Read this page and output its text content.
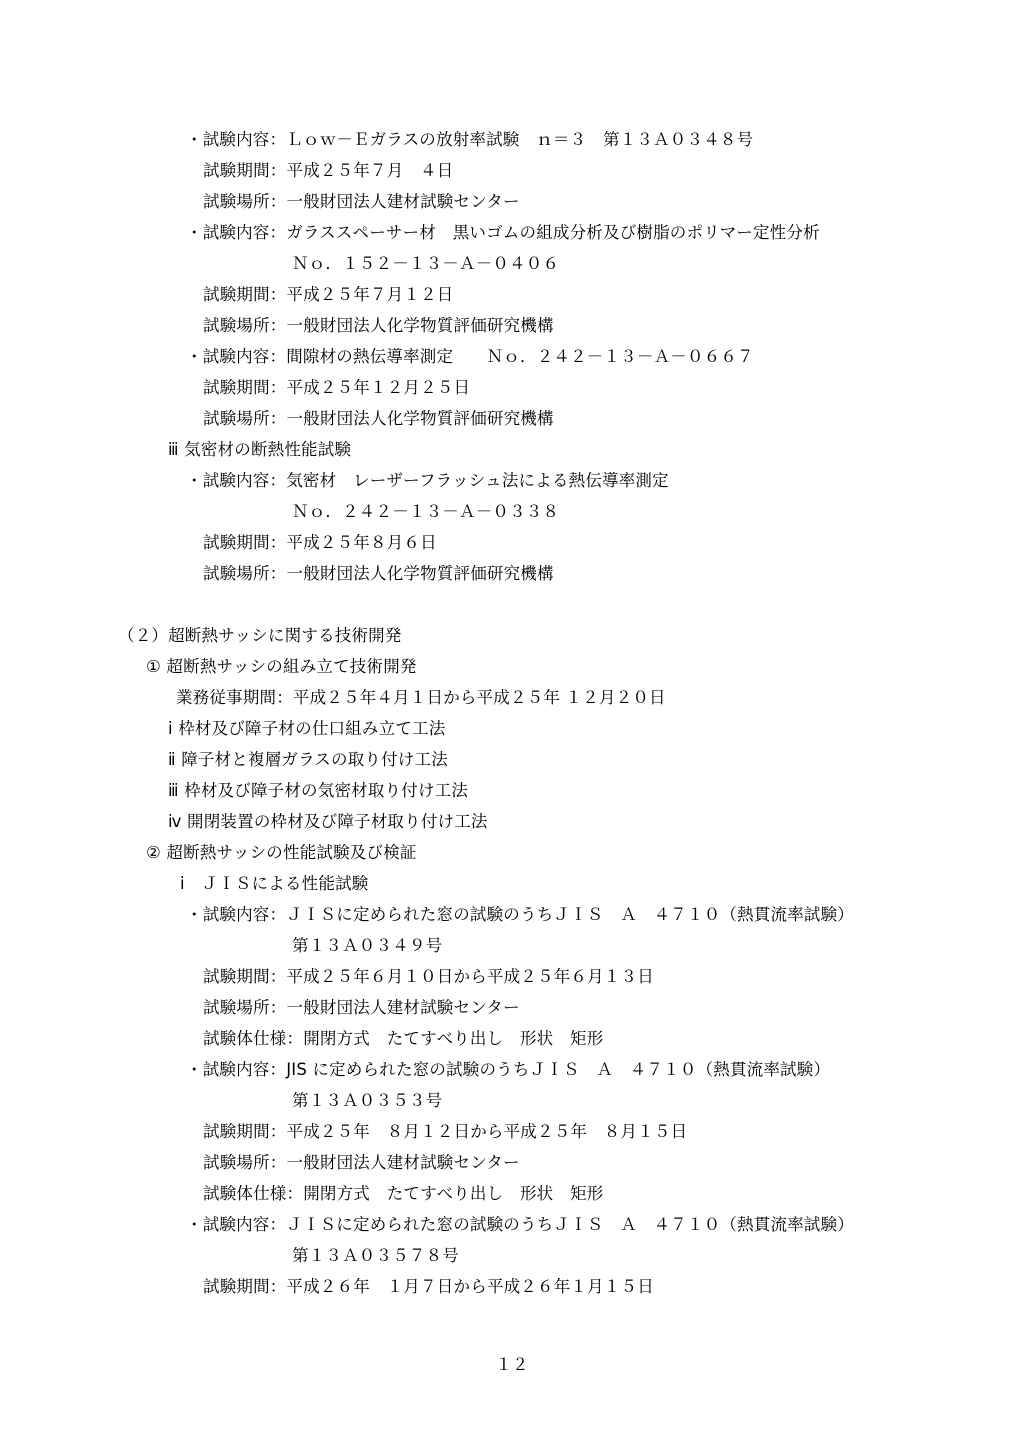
・試験内容：Ｌｏｗ－Ｅガラスの放射率試験　ｎ＝３　第１３Ａ０３４８号
試験期間：平成２５年７月　４日
試験場所：一般財団法人建材試験センター
・試験内容：ガラススペーサー材　黒いゴムの組成分析及び樹脂のポリマー定性分析
Ｎｏ．１５２－１３－Ａ－０４０６
試験期間：平成２５年７月１２日
試験場所：一般財団法人化学物質評価研究機構
・試験内容：間隙材の熱伝導率測定　　Ｎｏ．２４２－１３－Ａ－０６６７
試験期間：平成２５年１２月２５日
試験場所：一般財団法人化学物質評価研究機構
ⅲ 気密材の断熱性能試験
・試験内容：気密材　レーザーフラッシュ法による熱伝導率測定
Ｎｏ．２４２－１３－Ａ－０３３８
試験期間：平成２５年８月６日
試験場所：一般財団法人化学物質評価研究機構
（２）超断熱サッシに関する技術開発
① 超断熱サッシの組み立て技術開発
業務従事期間：平成２５年４月１日から平成２５年 １２月２０日
ⅰ 枠材及び障子材の仕口組み立て工法
ⅱ 障子材と複層ガラスの取り付け工法
ⅲ 枠材及び障子材の気密材取り付け工法
ⅳ 開閉装置の枠材及び障子材取り付け工法
② 超断熱サッシの性能試験及び検証
ⅰ　ＪＩＳによる性能試験
・試験内容：ＪＩＳに定められた窓の試験のうちＪＩＳ　Ａ　４７１０（熱貫流率試験）
第１３Ａ０３４９号
試験期間：平成２５年６月１０日から平成２５年６月１３日
試験場所：一般財団法人建材試験センター
試験体仕様：開閉方式　たてすべり出し　形状　矩形
・試験内容：JIS に定められた窓の試験のうちＪＩＳ　Ａ　４７１０（熱貫流率試験）
第１３Ａ０３５３号
試験期間：平成２５年　８月１２日から平成２５年　８月１５日
試験場所：一般財団法人建材試験センター
試験体仕様：開閉方式　たてすべり出し　形状　矩形
・試験内容：ＪＩＳに定められた窓の試験のうちＪＩＳ　Ａ　４７１０（熱貫流率試験）
第１３Ａ０３５７８号
試験期間：平成２６年　１月７日から平成２６年１月１５日
１２
